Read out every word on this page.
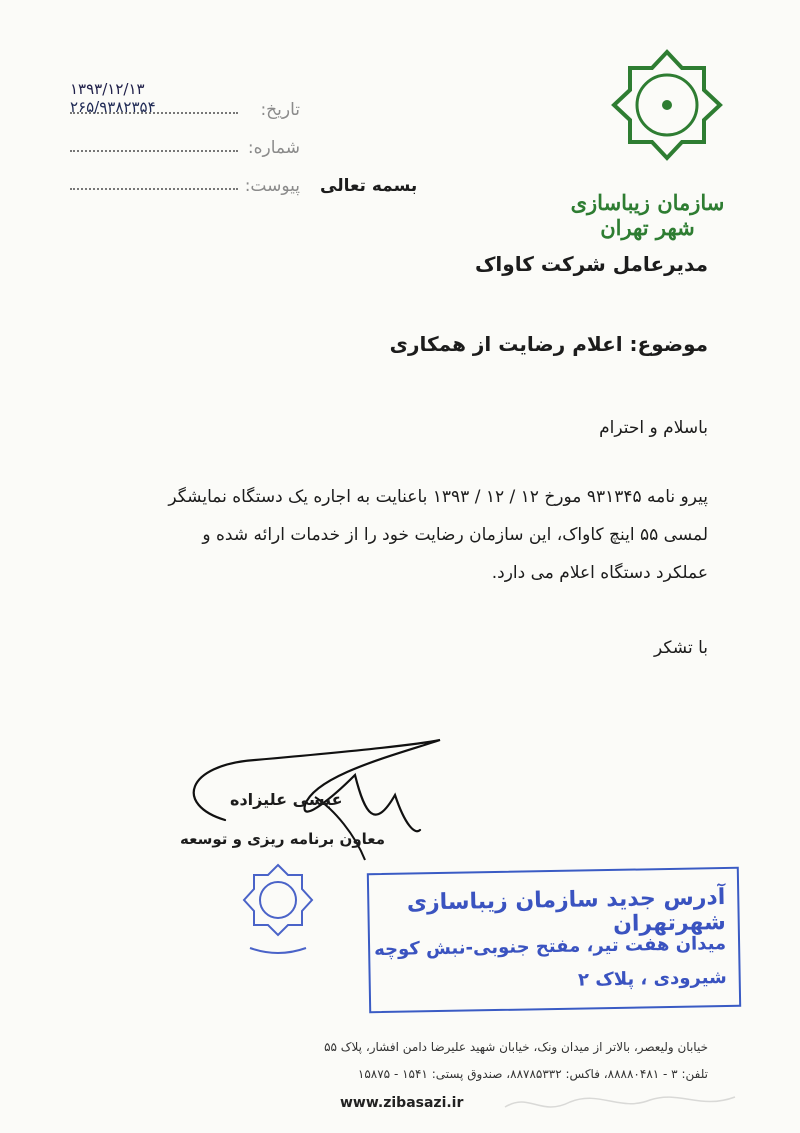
۱۳۹۳/۱۲/۱۳
۲۶۵/۹۳۸۲۳۵۴	تاریخ:
شماره:
پیوست: بسمه تعالی
سازمان زیباسازی شهر تهران
مدیرعامل شرکت کاواک
موضوع: اعلام رضایت از همکاری
باسلام و احترام
پیرو نامه ۹۳۱۳۴۵ مورخ ۱۲ / ۱۲ / ۱۳۹۳ باعنایت به اجاره یک دستگاه نمایشگر لمسی ۵۵ اینچ کاواک، این سازمان رضایت خود را از خدمات ارائه شده و عملکرد دستگاه اعلام می دارد.
با تشکر
عیسی علیزاده
معاون برنامه ریزی و توسعه
آدرس جدید سازمان زیباسازی شهرتهران
میدان هفت تیر، مفتح جنوبی-نبش کوچه
شیرودی ، پلاک ۲
خیابان ولیعصر، بالاتر از میدان ونک، خیابان شهید علیرضا دامن افشار، پلاک ۵۵
تلفن: ۳ - ۸۸۸۸۰۴۸۱، فاکس: ۸۸۷۸۵۳۳۲، صندوق پستی: ۱۵۴۱ - ۱۵۸۷۵
www.zibasazi.ir
